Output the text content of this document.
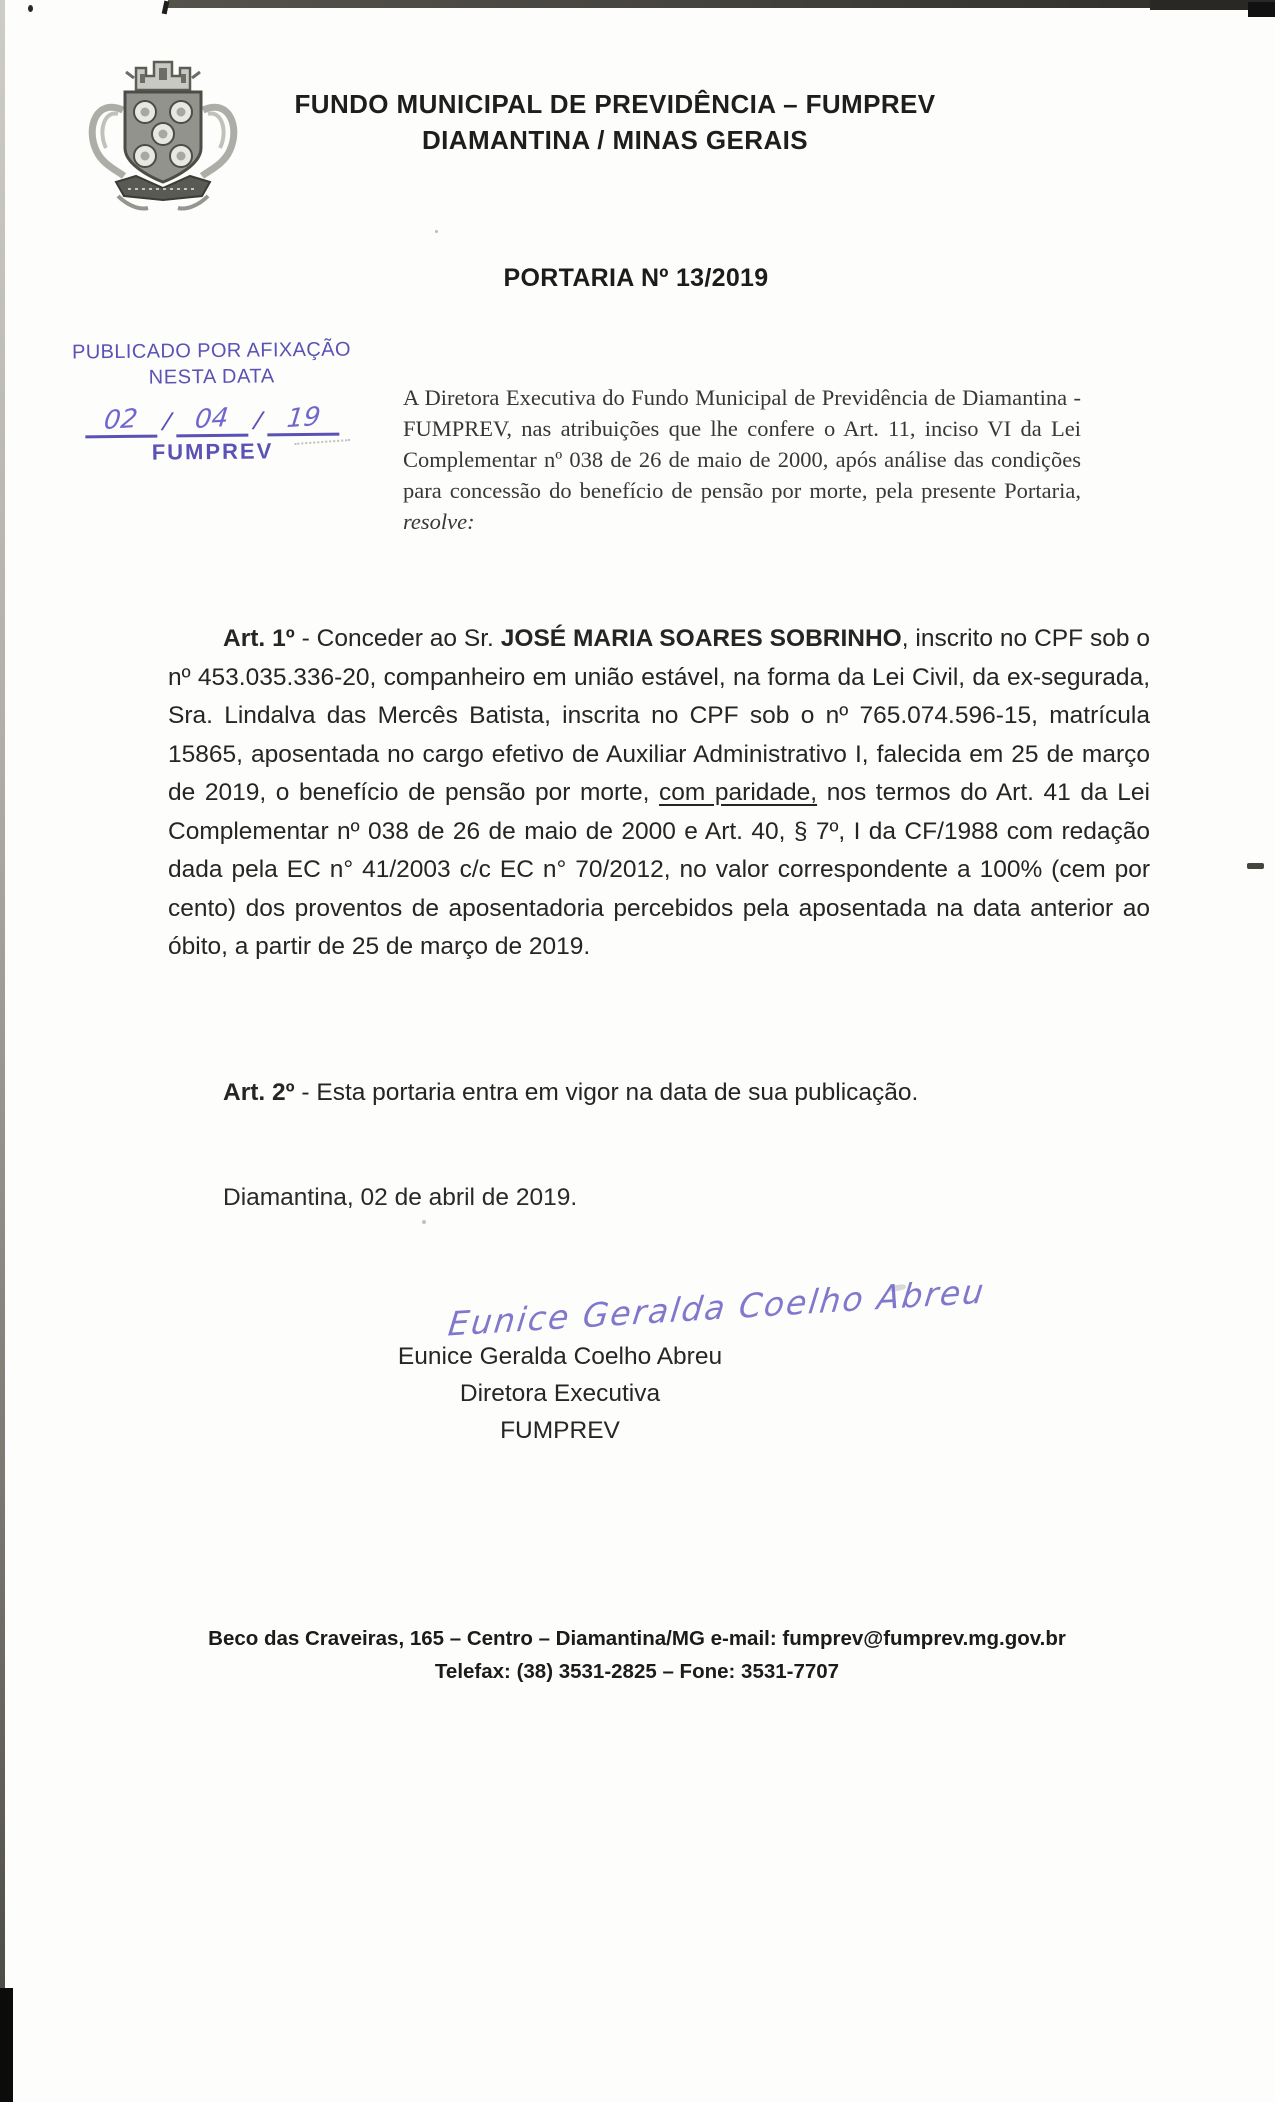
FUNDO MUNICIPAL DE PREVIDÊNCIA – FUMPREV
DIAMANTINA / MINAS GERAIS
PORTARIA Nº 13/2019
PUBLICADO POR AFIXAÇÃO
NESTA DATA
02 / 04 / 19
FUMPREV

A Diretora Executiva do Fundo Municipal de Previdência de Diamantina - FUMPREV, nas atribuições que lhe confere o Art. 11, inciso VI da Lei Complementar nº 038 de 26 de maio de 2000, após análise das condições para concessão do benefício de pensão por morte, pela presente Portaria, resolve:

Art. 1º - Conceder ao Sr. JOSÉ MARIA SOARES SOBRINHO, inscrito no CPF sob o nº 453.035.336-20, companheiro em união estável, na forma da Lei Civil, da ex-segurada, Sra. Lindalva das Mercês Batista, inscrita no CPF sob o nº 765.074.596-15, matrícula 15865, aposentada no cargo efetivo de Auxiliar Administrativo I, falecida em 25 de março de 2019, o benefício de pensão por morte, com paridade, nos termos do Art. 41 da Lei Complementar nº 038 de 26 de maio de 2000 e Art. 40, § 7º, I da CF/1988 com redação dada pela EC n° 41/2003 c/c EC n° 70/2012, no valor correspondente a 100% (cem por cento) dos proventos de aposentadoria percebidos pela aposentada na data anterior ao óbito, a partir de 25 de março de 2019.

Art. 2º - Esta portaria entra em vigor na data de sua publicação.

Diamantina, 02 de abril de 2019.
Eunice Geralda Coelho Abreu
Eunice Geralda Coelho Abreu
Diretora Executiva
FUMPREV
Beco das Craveiras, 165 – Centro – Diamantina/MG e-mail: fumprev@fumprev.mg.gov.br
Telefax: (38) 3531-2825 – Fone: 3531-7707
